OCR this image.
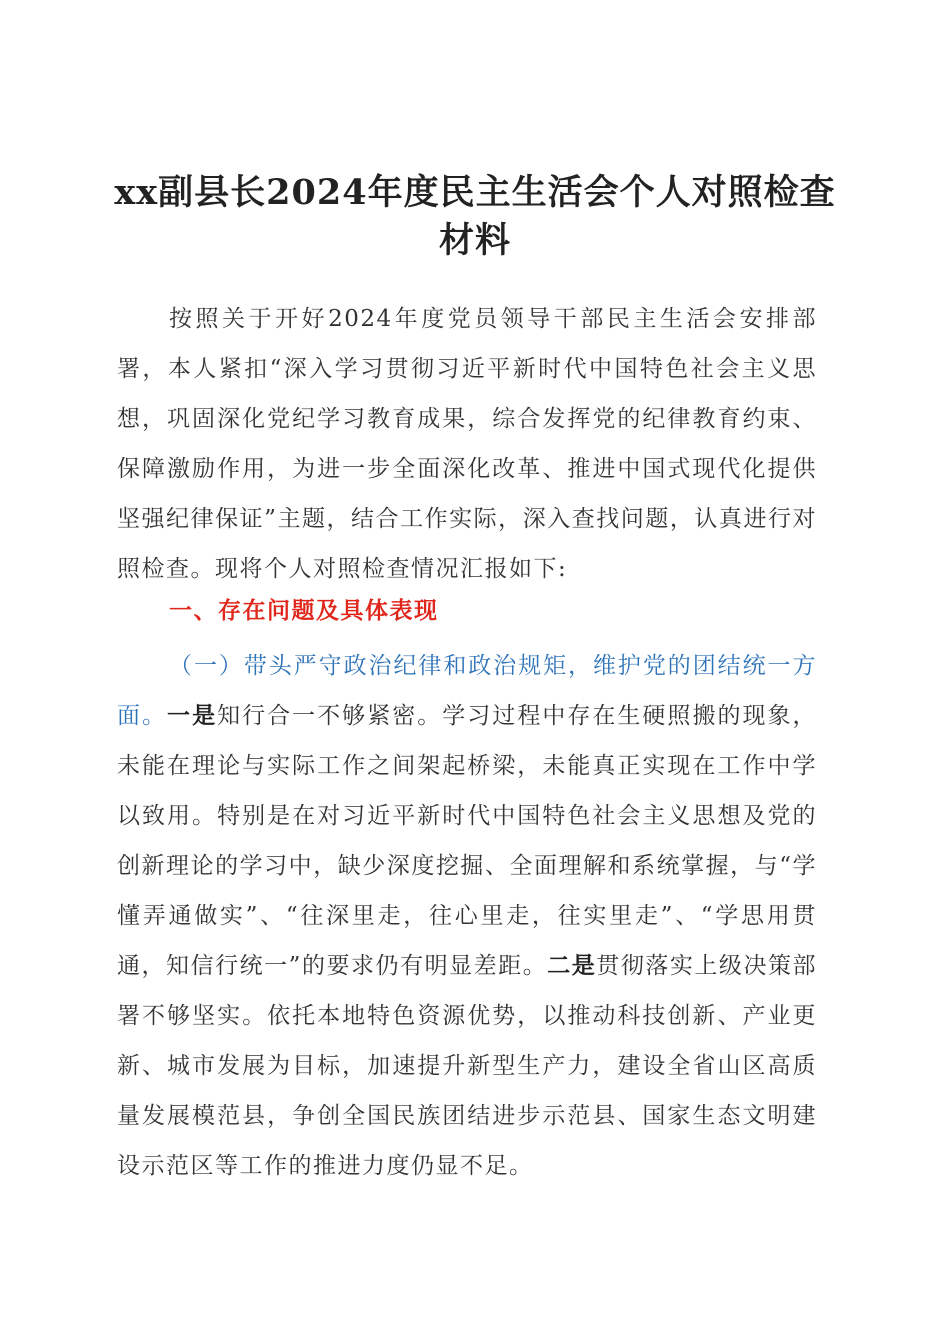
xx副县长2024年度民主生活会个人对照检查
材料

按照关于开好2024年度党员领导干部民主生活会安排部署，本人紧扣“深入学习贯彻习近平新时代中国特色社会主义思想，巩固深化党纪学习教育成果，综合发挥党的纪律教育约束、保障激励作用，为进一步全面深化改革、推进中国式现代化提供坚强纪律保证”主题，结合工作实际，深入查找问题，认真进行对照检查。现将个人对照检查情况汇报如下:

一、存在问题及具体表现

（一）带头严守政治纪律和政治规矩，维护党的团结统一方面。一是知行合一不够紧密。学习过程中存在生硬照搬的现象，未能在理论与实际工作之间架起桥梁，未能真正实现在工作中学以致用。特别是在对习近平新时代中国特色社会主义思想及党的创新理论的学习中，缺少深度挖掘、全面理解和系统掌握，与“学懂弄通做实”、“往深里走，往心里走，往实里走”、“学思用贯通，知信行统一”的要求仍有明显差距。二是贯彻落实上级决策部署不够坚实。依托本地特色资源优势，以推动科技创新、产业更新、城市发展为目标，加速提升新型生产力，建设全省山区高质量发展模范县，争创全国民族团结进步示范县、国家生态文明建设示范区等工作的推进力度仍显不足。
